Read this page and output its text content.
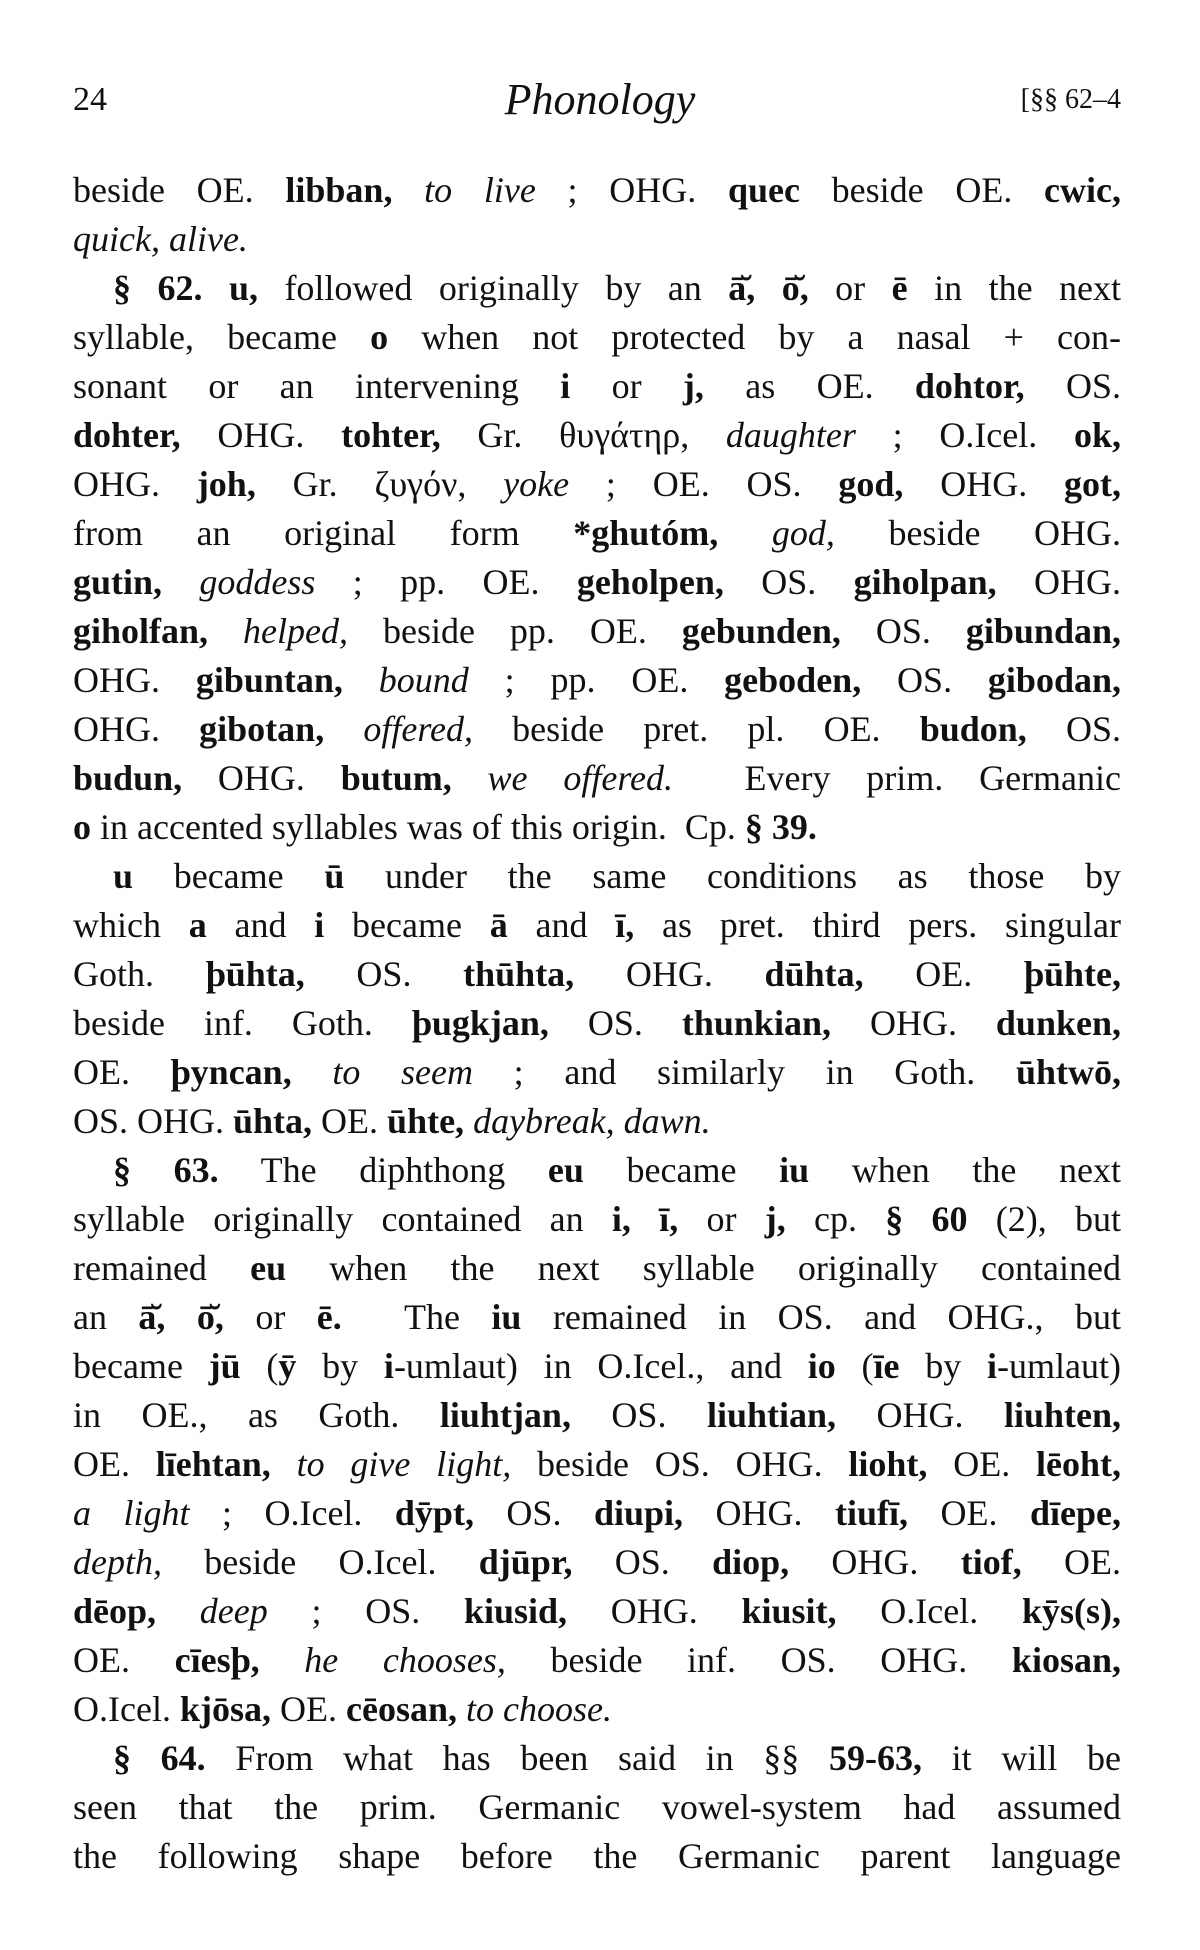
24	Phonology	[§§ 62–4
beside OE. libban, to live ; OHG. quec beside OE. cwic,
quick, alive.
§ 62. u, followed originally by an ā̆, ō̆, or ē in the next
syllable, became o when not protected by a nasal + con-
sonant or an intervening i or j, as OE. dohtor, OS.
dohter, OHG. tohter, Gr. θυγάτηρ, daughter ; O.Icel. ok,
OHG. joh, Gr. ζυγόν, yoke ; OE. OS. god, OHG. got,
from an original form *ghutóm, god, beside OHG.
gutin, goddess ; pp. OE. geholpen, OS. giholpan, OHG.
giholfan, helped, beside pp. OE. gebunden, OS. gibundan,
OHG. gibuntan, bound ; pp. OE. geboden, OS. gibodan,
OHG. gibotan, offered, beside pret. pl. OE. budon, OS.
budun, OHG. butum, we offered.  Every prim. Germanic
o in accented syllables was of this origin.  Cp. § 39.
u became ū under the same conditions as those by
which a and i became ā and ī, as pret. third pers. singular
Goth. þūhta, OS. thūhta, OHG. dūhta, OE. þūhte,
beside inf. Goth. þugkjan, OS. thunkian, OHG. dunken,
OE. þyncan, to seem ; and similarly in Goth. ūhtwō,
OS. OHG. ūhta, OE. ūhte, daybreak, dawn.
§ 63. The diphthong eu became iu when the next
syllable originally contained an i, ī, or j, cp. § 60 (2), but
remained eu when the next syllable originally contained
an ā̆, ō̆, or ē.  The iu remained in OS. and OHG., but
became jū (ȳ by i-umlaut) in O.Icel., and io (īe by i-umlaut)
in OE., as Goth. liuhtjan, OS. liuhtian, OHG. liuhten,
OE. līehtan, to give light, beside OS. OHG. lioht, OE. lēoht,
a light ; O.Icel. dȳpt, OS. diupi, OHG. tiufī, OE. dīepe,
depth, beside O.Icel. djūpr, OS. diop, OHG. tiof, OE.
dēop, deep ; OS. kiusid, OHG. kiusit, O.Icel. kȳs(s),
OE. cīesþ, he chooses, beside inf. OS. OHG. kiosan,
O.Icel. kjōsa, OE. cēosan, to choose.
§ 64. From what has been said in §§ 59-63, it will be
seen that the prim. Germanic vowel-system had assumed
the following shape before the Germanic parent language
